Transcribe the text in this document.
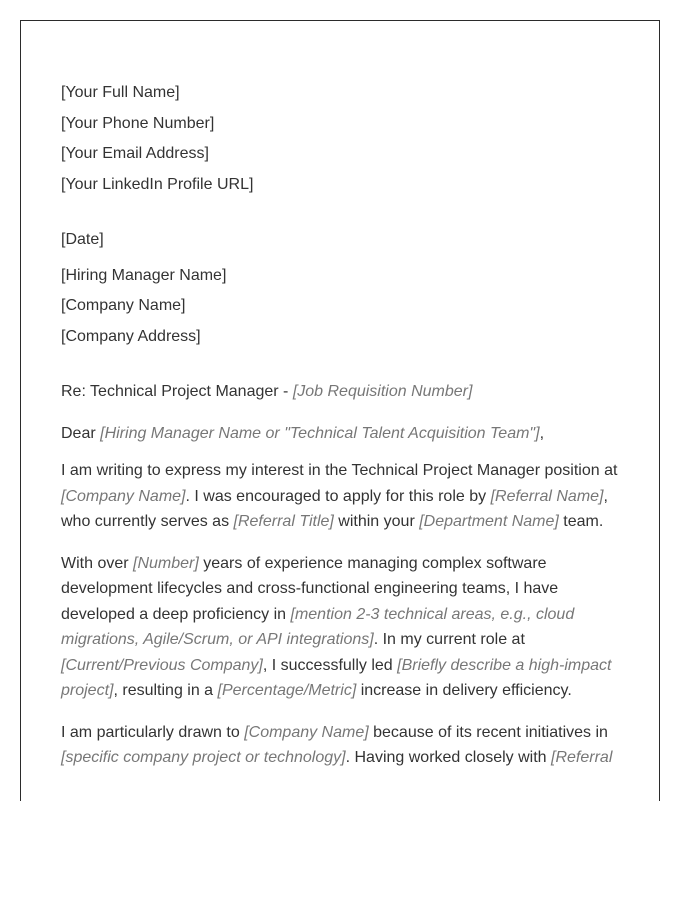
[Your Full Name]
[Your Phone Number]
[Your Email Address]
[Your LinkedIn Profile URL]
[Date]
[Hiring Manager Name]
[Company Name]
[Company Address]

Re: Technical Project Manager - [Job Requisition Number]

Dear [Hiring Manager Name or "Technical Talent Acquisition Team"],

I am writing to express my interest in the Technical Project Manager position at [Company Name]. I was encouraged to apply for this role by [Referral Name], who currently serves as [Referral Title] within your [Department Name] team.

With over [Number] years of experience managing complex software development lifecycles and cross-functional engineering teams, I have developed a deep proficiency in [mention 2-3 technical areas, e.g., cloud migrations, Agile/Scrum, or API integrations]. In my current role at [Current/Previous Company], I successfully led [Briefly describe a high-impact project], resulting in a [Percentage/Metric] increase in delivery efficiency.

I am particularly drawn to [Company Name] because of its recent initiatives in [specific company project or technology]. Having worked closely with [Referral
